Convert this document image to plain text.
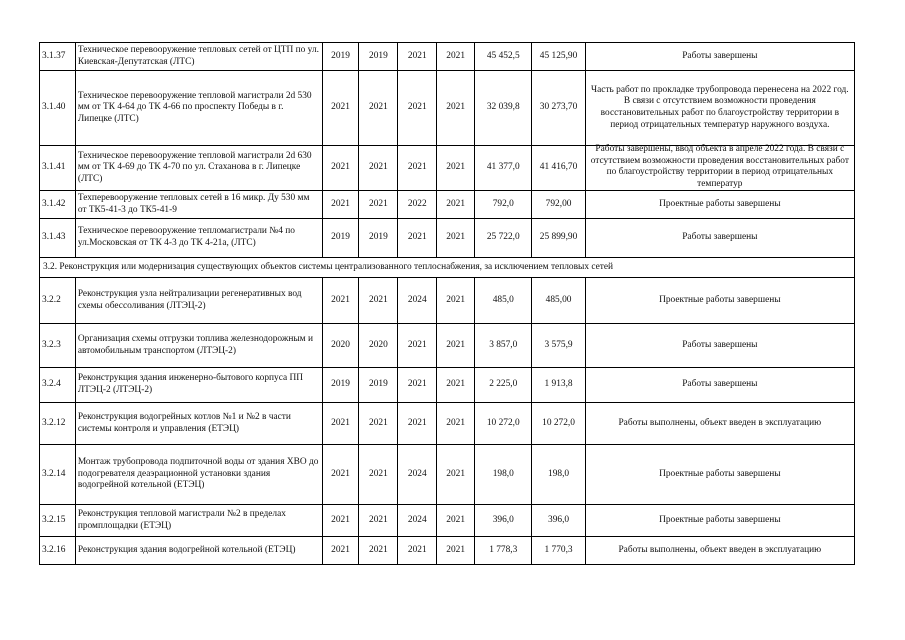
3.1.37	Техническое перевооружение тепловых сетей от ЦТП по ул. Киевская-Депутатская (ЛТС)	2019	2019	2021	2021	45 452,5	45 125,90	Работы завершены
3.1.40	Техническое перевооружение тепловой магистрали 2d 530 мм от ТК 4-64 до ТК 4-66 по проспекту Победы в г. Липецке (ЛТС)	2021	2021	2021	2021	32 039,8	30 273,70	Часть работ по прокладке трубопровода перенесена на 2022 год. В связи с отсутствием возможности проведения восстановительных работ по благоустройству территории в период отрицательных температур наружного воздуха.
3.1.41	Техническое перевооружение тепловой магистрали 2d 630 мм от ТК 4-69 до ТК 4-70 по ул. Стаханова в г. Липецке (ЛТС)	2021	2021	2021	2021	41 377,0	41 416,70	Работы завершены, ввод объекта в апреле 2022 года. В связи с отсутствием возможности проведения восстановительных работ по благоустройству территории в период отрицательных температур

3.1.42	Техперевооружение тепловых сетей в 16 микр. Ду 530 мм от ТК5-41-3 до ТК5-41-9	2021	2021	2022	2021	792,0	792,00	Проектные работы завершены
3.1.43	Техническое перевооружение тепломагистрали №4 по ул.Московская от ТК 4-3 до ТК 4-21а, (ЛТС)	2019	2019	2021	2021	25 722,0	25 899,90	Работы завершены
3.2. Реконструкция или модернизация существующих объектов системы централизованного теплоснабжения, за исключением тепловых сетей								
3.2.2	Реконструкция узла нейтрализации регенеративных вод схемы обессоливания (ЛТЭЦ-2)	2021	2021	2024	2021	485,0	485,00	Проектные работы завершены
3.2.3	Организация схемы отгрузки топлива железнодорожным и автомобильным транспортом (ЛТЭЦ-2)	2020	2020	2021	2021	3 857,0	3 575,9	Работы завершены
3.2.4	Реконструкция здания инженерно-бытового корпуса ПП ЛТЭЦ-2 (ЛТЭЦ-2)	2019	2019	2021	2021	2 225,0	1 913,8	Работы завершены
3.2.12	Реконструкция водогрейных котлов №1 и №2 в части системы контроля и управления (ЕТЭЦ)	2021	2021	2021	2021	10 272,0	10 272,0	Работы выполнены, объект введен в эксплуатацию
3.2.14	Монтаж трубопровода подпиточной воды от здания ХВО до подогревателя деаэрационной установки здания водогрейной котельной (ЕТЭЦ)	2021	2021	2024	2021	198,0	198,0	Проектные работы завершены
3.2.15	Реконструкция тепловой магистрали №2 в пределах промплощадки (ЕТЭЦ)	2021	2021	2024	2021	396,0	396,0	Проектные работы завершены
3.2.16	Реконструкция здания водогрейной котельной (ЕТЭЦ)	2021	2021	2021	2021	1 778,3	1 770,3	Работы выполнены, объект введен в эксплуатацию
